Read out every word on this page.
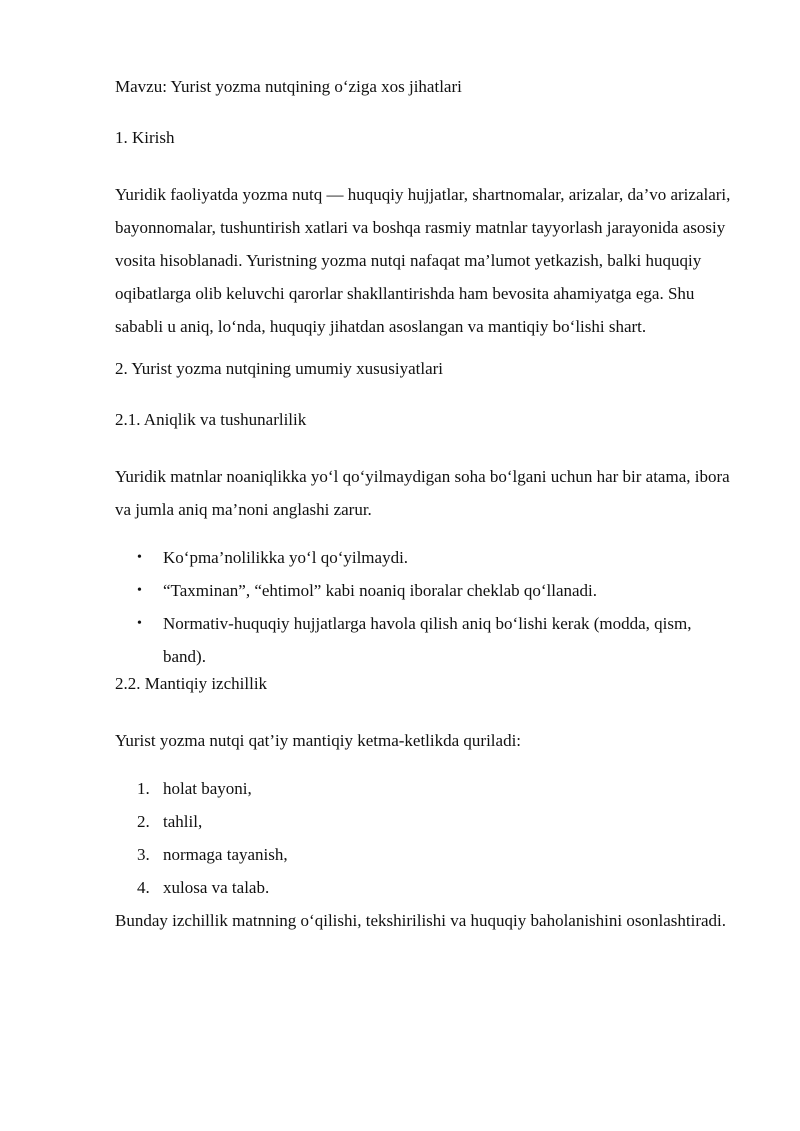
Mavzu: Yurist yozma nutqining o‘ziga xos jihatlari

1. Kirish

Yuridik faoliyatda yozma nutq — huquqiy hujjatlar, shartnomalar, arizalar, da’vo arizalari, bayonnomalar, tushuntirish xatlari va boshqa rasmiy matnlar tayyorlash jarayonida asosiy vosita hisoblanadi. Yuristning yozma nutqi nafaqat ma’lumot yetkazish, balki huquqiy oqibatlarga olib keluvchi qarorlar shakllantirishda ham bevosita ahamiyatga ega. Shu sababli u aniq, lo‘nda, huquqiy jihatdan asoslangan va mantiqiy bo‘lishi shart.

2. Yurist yozma nutqining umumiy xususiyatlari

2.1. Aniqlik va tushunarlilik

Yuridik matnlar noaniqlikka yo‘l qo‘yilmaydigan soha bo‘lgani uchun har bir atama, ibora va jumla aniq ma’noni anglashi zarur.

• Ko‘pma’nolilikka yo‘l qo‘yilmaydi.
• “Taxminan”, “ehtimol” kabi noaniq iboralar cheklab qo‘llanadi.
• Normativ-huquqiy hujjatlarga havola qilish aniq bo‘lishi kerak (modda, qism, band).

2.2. Mantiqiy izchillik

Yurist yozma nutqi qat’iy mantiqiy ketma-ketlikda quriladi:

1. holat bayoni,
2. tahlil,
3. normaga tayanish,
4. xulosa va talab.

Bunday izchillik matnning o‘qilishi, tekshirilishi va huquqiy baholanishini osonlashtiradi.
